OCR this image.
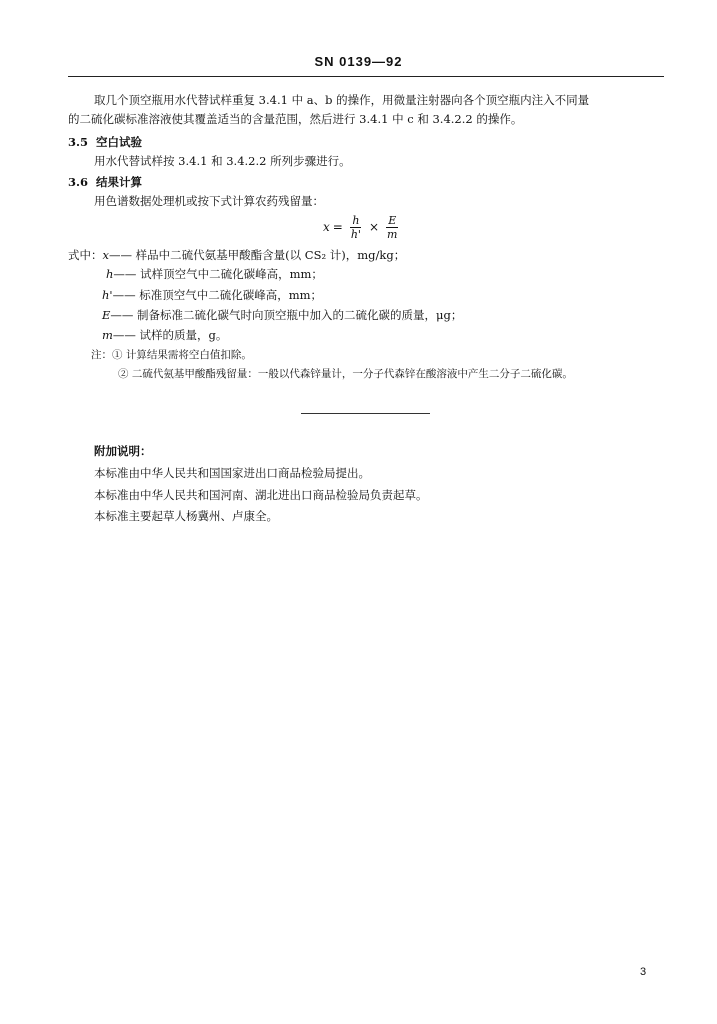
SN 0139—92
取几个顶空瓶用水代替试样重复 3.4.1 中 a、b 的操作，用微量注射器向各个顶空瓶内注入不同量
的二硫化碳标准溶液使其覆盖适当的含量范围，然后进行 3.4.1 中 c 和 3.4.2.2 的操作。
3.5 空白试验
用水代替试样按 3.4.1 和 3.4.2.2 所列步骤进行。
3.6 结果计算
用色谱数据处理机或按下式计算农药残留量：
$x = \frac{h}{h'} \times \frac{E}{m}$
式中：x—— 样品中二硫代氨基甲酸酯含量(以 CS₂ 计)，mg/kg；
h—— 试样顶空气中二硫化碳峰高，mm；
h'—— 标准顶空气中二硫化碳峰高，mm；
E—— 制备标准二硫化碳气时向顶空瓶中加入的二硫化碳的质量，μg；
m—— 试样的质量，g。
注：① 计算结果需将空白值扣除。
② 二硫代氨基甲酸酯残留量：一般以代森锌量计，一分子代森锌在酸溶液中产生二分子二硫化碳。
附加说明：
本标准由中华人民共和国国家进出口商品检验局提出。
本标准由中华人民共和国河南、湖北进出口商品检验局负责起草。
本标准主要起草人杨冀州、卢康全。
3
